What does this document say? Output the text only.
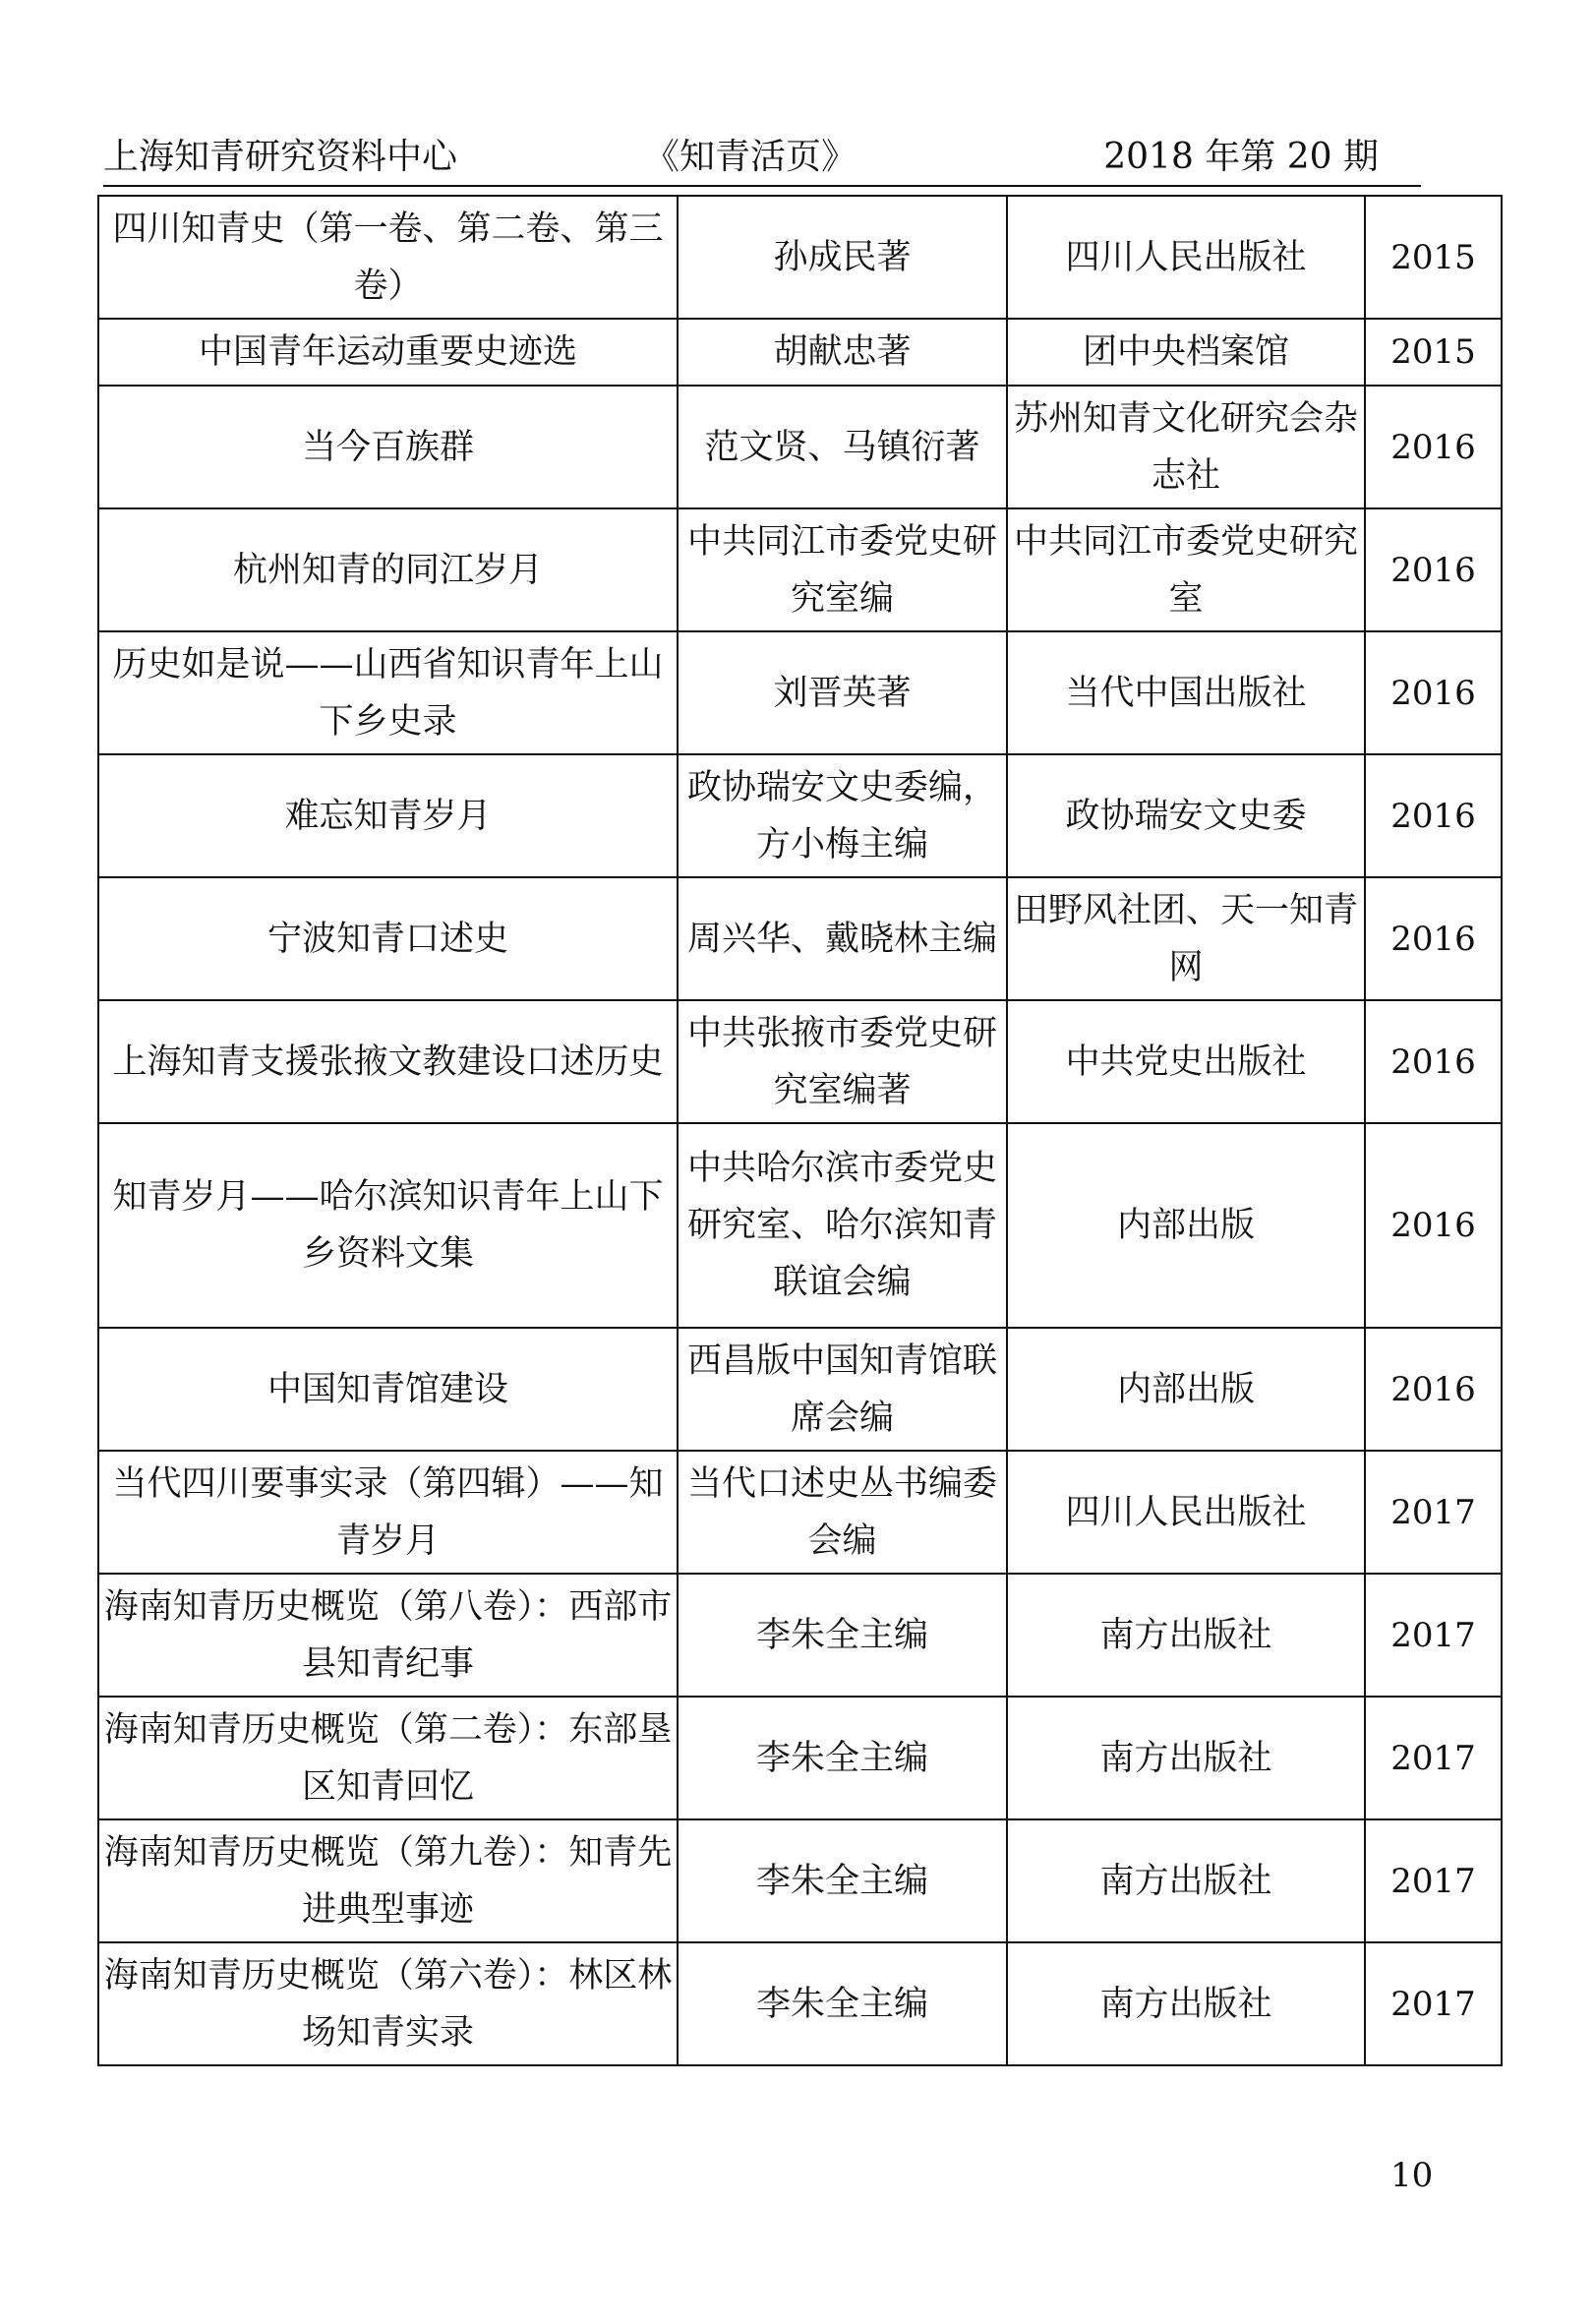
上海知青研究资料中心	《知青活页》	2018 年第 20 期
四川知青史（第一卷、第二卷、第三卷）	孙成民著	四川人民出版社	2015
中国青年运动重要史迹选	胡献忠著	团中央档案馆	2015
当今百族群	范文贤、马镇衍著	苏州知青文化研究会杂志社	2016
杭州知青的同江岁月	中共同江市委党史研究室编	中共同江市委党史研究室	2016
历史如是说——山西省知识青年上山下乡史录	刘晋英著	当代中国出版社	2016
难忘知青岁月	政协瑞安文史委编，方小梅主编	政协瑞安文史委	2016
宁波知青口述史	周兴华、戴晓林主编	田野风社团、天一知青网	2016
上海知青支援张掖文教建设口述历史	中共张掖市委党史研究室编著	中共党史出版社	2016
知青岁月——哈尔滨知识青年上山下乡资料文集	中共哈尔滨市委党史研究室、哈尔滨知青联谊会编	内部出版	2016
中国知青馆建设	西昌版中国知青馆联席会编	内部出版	2016
当代四川要事实录（第四辑）——知青岁月	当代口述史丛书编委会编	四川人民出版社	2017
海南知青历史概览（第八卷）：西部市县知青纪事	李朱全主编	南方出版社	2017
海南知青历史概览（第二卷）：东部垦区知青回忆	李朱全主编	南方出版社	2017
海南知青历史概览（第九卷）：知青先进典型事迹	李朱全主编	南方出版社	2017
海南知青历史概览（第六卷）：林区林场知青实录	李朱全主编	南方出版社	2017
10
